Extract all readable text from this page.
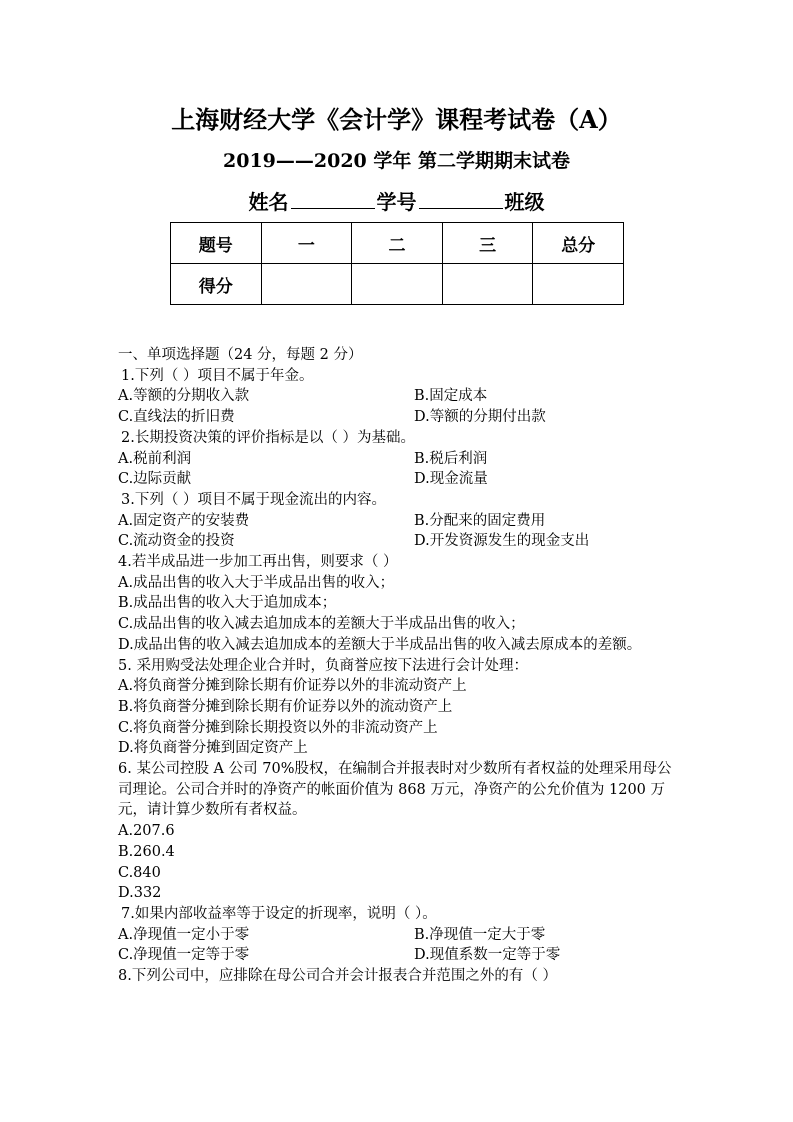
上海财经大学《会计学》课程考试卷（A）
2019——2020 学年 第二学期期末试卷
姓名	学号	班级
题号	一	二	三	总分
得分				
一、单项选择题（24 分，每题 2 分）
1.下列（ ）项目不属于年金。
A.等额的分期收入款	B.固定成本
C.直线法的折旧费	D.等额的分期付出款
2.长期投资决策的评价指标是以（ ）为基础。
A.税前利润	B.税后利润
C.边际贡献	D.现金流量
3.下列（ ）项目不属于现金流出的内容。
A.固定资产的安装费	B.分配来的固定费用
C.流动资金的投资	D.开发资源发生的现金支出
4.若半成品进一步加工再出售，则要求（ ）
A.成品出售的收入大于半成品出售的收入；
B.成品出售的收入大于追加成本；
C.成品出售的收入减去追加成本的差额大于半成品出售的收入；
D.成品出售的收入减去追加成本的差额大于半成品出售的收入减去原成本的差额。
5. 采用购受法处理企业合并时，负商誉应按下法进行会计处理：
A.将负商誉分摊到除长期有价证券以外的非流动资产上
B.将负商誉分摊到除长期有价证券以外的流动资产上
C.将负商誉分摊到除长期投资以外的非流动资产上
D.将负商誉分摊到固定资产上
6. 某公司控股 A 公司 70%股权，在编制合并报表时对少数所有者权益的处理采用母公司理论。公司合并时的净资产的帐面价值为 868 万元，净资产的公允价值为 1200 万元，请计算少数所有者权益。
A.207.6
B.260.4
C.840
D.332
7.如果内部收益率等于设定的折现率，说明（ ）。
A.净现值一定小于零	B.净现值一定大于零
C.净现值一定等于零	D.现值系数一定等于零
8.下列公司中，应排除在母公司合并会计报表合并范围之外的有（ ）
